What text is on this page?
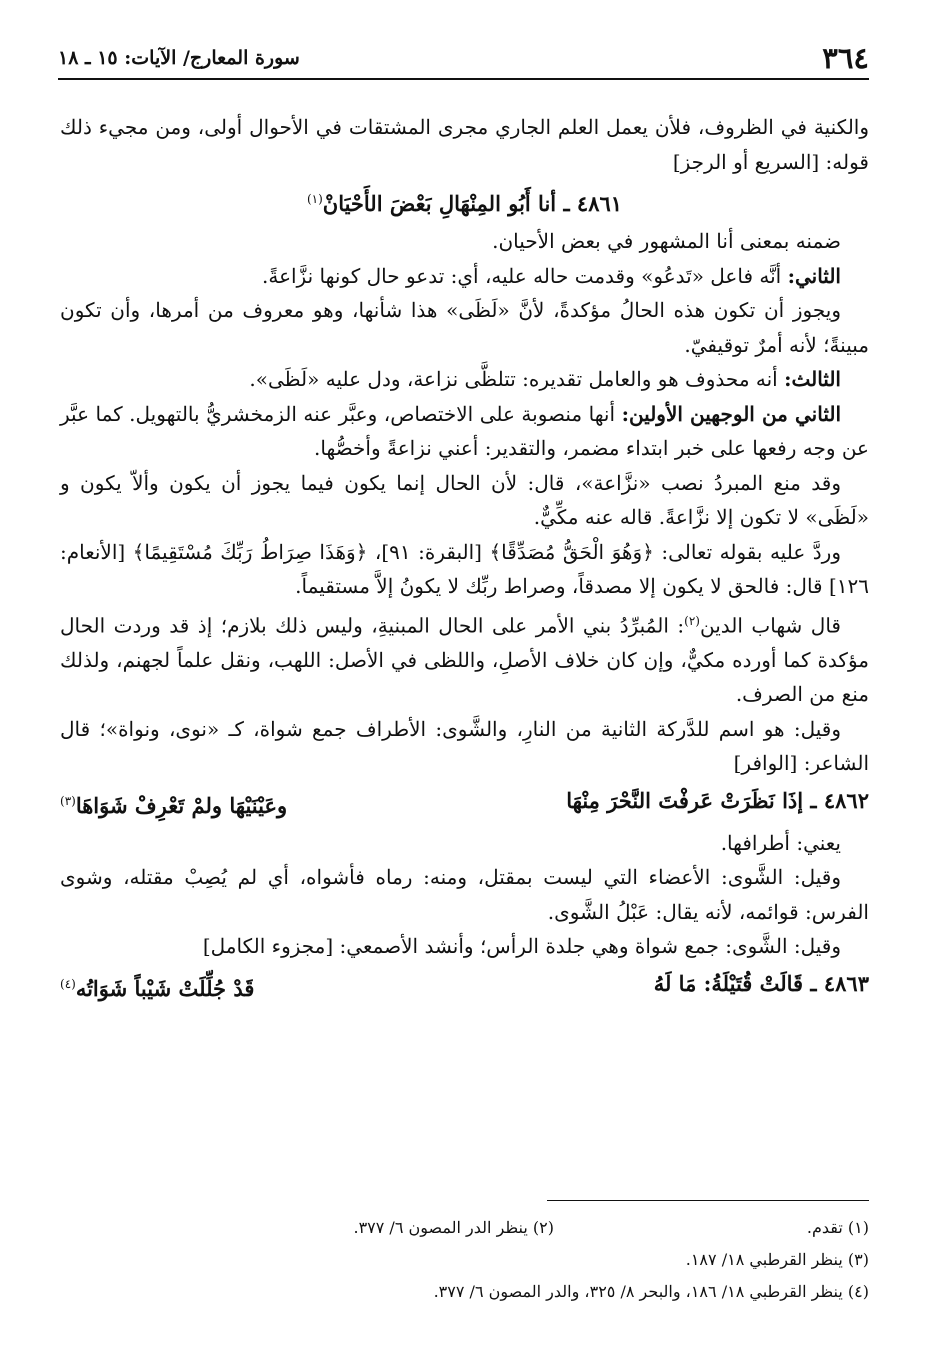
٣٦٤
سورة المعارج/ الآيات: ١٥ ـ ١٨

والكنية في الظروف، فلأن يعمل العلم الجاري مجرى المشتقات في الأحوال أولى، ومن مجيء ذلك قوله: [السريع أو الرجز]

٤٨٦١ ـ أنا أَبُو المِنْهَالِ بَعْضَ الأَحْيَانْ$^{(١)}$

ضمنه بمعنى أنا المشهور في بعض الأحيان.

الثاني: أنَّه فاعل «تَدعُو» وقدمت حاله عليه، أي: تدعو حال كونها نزَّاعةً.

ويجوز أن تكون هذه الحالُ مؤكدةً، لأنَّ «لَظَى» هذا شأنها، وهو معروف من أمرها، وأن تكون مبينةً؛ لأنه أمرٌ توقيفيّ.

الثالث: أنه محذوف هو والعامل تقديره: تتلظَّى نزاعة، ودل عليه «لَظَى».

الثاني من الوجهين الأولين: أنها منصوبة على الاختصاص، وعبَّر عنه الزمخشريُّ بالتهويل. كما عبَّر عن وجه رفعها على خبر ابتداء مضمر، والتقدير: أعني نزاعةً وأخصُّها.

وقد منع المبردُ نصب «نزَّاعة»، قال: لأن الحال إنما يكون فيما يجوز أن يكون وألاّ يكون و «لَظَى» لا تكون إلا نزَّاعةً. قاله عنه مكِّيٌّ.

وردَّ عليه بقوله تعالى: ﴿وَهُوَ الْحَقُّ مُصَدِّقًا﴾ [البقرة: ٩١]، ﴿وَهَذَا صِرَاطُ رَبِّكَ مُسْتَقِيمًا﴾ [الأنعام: ١٢٦] قال: فالحق لا يكون إلا مصدقاً، وصراط ربِّك لا يكونُ إلاَّ مستقيماً.

قال شهاب الدين$^{(٢)}$: المُبرِّدُ بني الأمر على الحال المبنيةِ، وليس ذلك بلازم؛ إذ قد وردت الحال مؤكدة كما أورده مكيٌّ، وإن كان خلاف الأصلِ، واللظى في الأصل: اللهب، ونقل علماً لجهنم، ولذلك منع من الصرف.

وقيل: هو اسم للدَّركة الثانية من النارِ، والشَّوى: الأطراف جمع شواة، كـ «نوى، ونواة»؛ قال الشاعر: [الوافر]

٤٨٦٢ ـ إذَا نَظَرَتْ عَرفْتَ النَّحْرَ مِنْهَا
وعَيْنَيْهَا ولمْ تَعْرِفْ شَوَاهَا$^{(٣)}$

يعني: أطرافها.

وقيل: الشَّوى: الأعضاء التي ليست بمقتل، ومنه: رماه فأشواه، أي لم يُصِبْ مقتله، وشوى الفرس: قوائمه، لأنه يقال: عَبْلُ الشَّوى.

وقيل: الشَّوى: جمع شواة وهي جلدة الرأس؛ وأنشد الأصمعي: [مجزوء الكامل]

٤٨٦٣ ـ قَالَتْ قُتَيْلَةُ: مَا لَهُ
قَدْ جُلِّلَتْ شَيْباً شَوَاتُه$^{(٤)}$
(١) تقدم.
(٢) ينظر الدر المصون ٦/ ٣٧٧.
(٣) ينظر القرطبي ١٨/ ١٨٧.
(٤) ينظر القرطبي ١٨/ ١٨٦، والبحر ٨/ ٣٢٥، والدر المصون ٦/ ٣٧٧.
